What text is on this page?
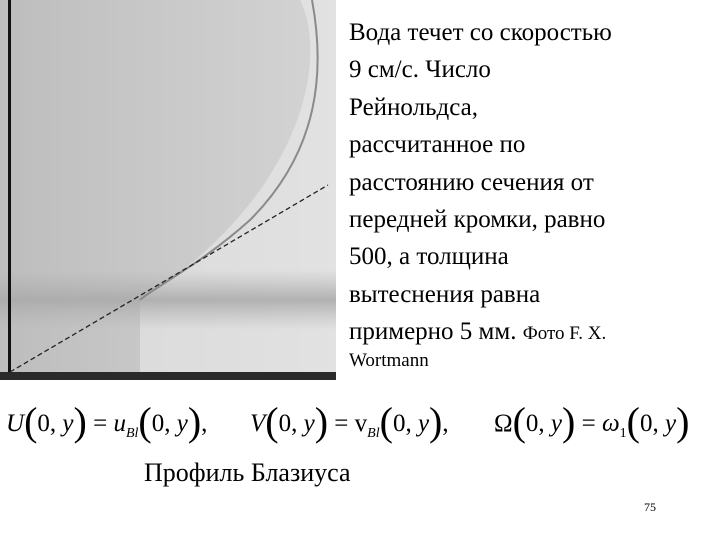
Вода течет со скоростью
9 см/с. Число
Рейнольдса,
рассчитанное по
расстоянию сечения от
передней кромки, равно
500, а толщина
вытеснения равна
примерно 5 мм. Фото F. X.
Wortmann
U(0, $y) = u_{Bl}(0$, y), V(0, $y) = v_{Bl}(0$, y), Ω(0, $y) = \omega_1(0$, y)
Профиль Блазиуса
75
